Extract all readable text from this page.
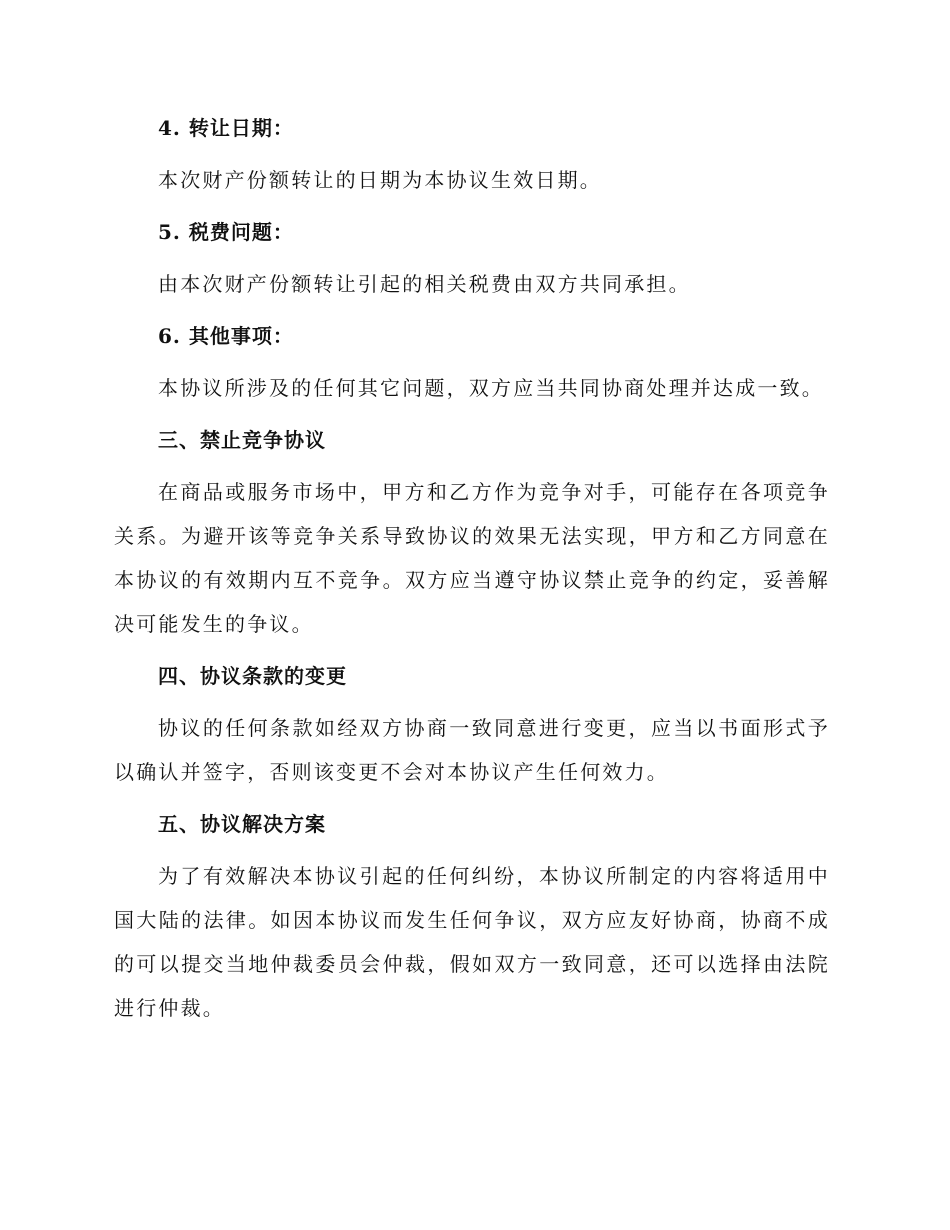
4. 转让日期：

本次财产份额转让的日期为本协议生效日期。

5. 税费问题：

由本次财产份额转让引起的相关税费由双方共同承担。

6. 其他事项：

本协议所涉及的任何其它问题，双方应当共同协商处理并达成一致。

三、禁止竞争协议

在商品或服务市场中，甲方和乙方作为竞争对手，可能存在各项竞争关系。为避开该等竞争关系导致协议的效果无法实现，甲方和乙方同意在本协议的有效期内互不竞争。双方应当遵守协议禁止竞争的约定，妥善解决可能发生的争议。

四、协议条款的变更

协议的任何条款如经双方协商一致同意进行变更，应当以书面形式予以确认并签字，否则该变更不会对本协议产生任何效力。

五、协议解决方案

为了有效解决本协议引起的任何纠纷，本协议所制定的内容将适用中国大陆的法律。如因本协议而发生任何争议，双方应友好协商，协商不成的可以提交当地仲裁委员会仲裁，假如双方一致同意，还可以选择由法院进行仲裁。
